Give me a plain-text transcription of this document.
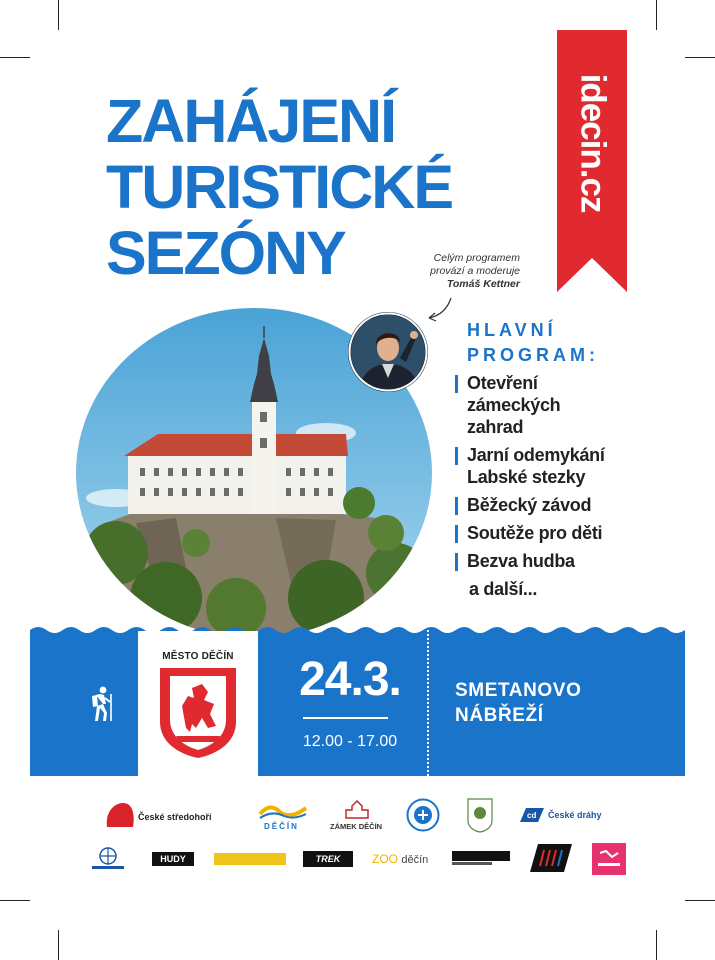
ZAHÁJENÍ
TURISTICKÉ
SEZÓNY
idecin.cz
Celým programem
provází a moderuje
Tomáš Kettner
HLAVNÍ
PROGRAM:
Otevření
zámeckých
zahrad
Jarní odemykání
Labské stezky
Běžecký závod
Soutěže pro děti
Bezva hudba
a další...
MĚSTO DĚČÍN	24.3.
12.00 - 17.00
SMETANOVO
NÁBŘEŽÍ
České středohoří
DĚČÍN	ZÁMEK DĚČÍN
cd České dráhy
HUDY	TREK	ZOO děčín
